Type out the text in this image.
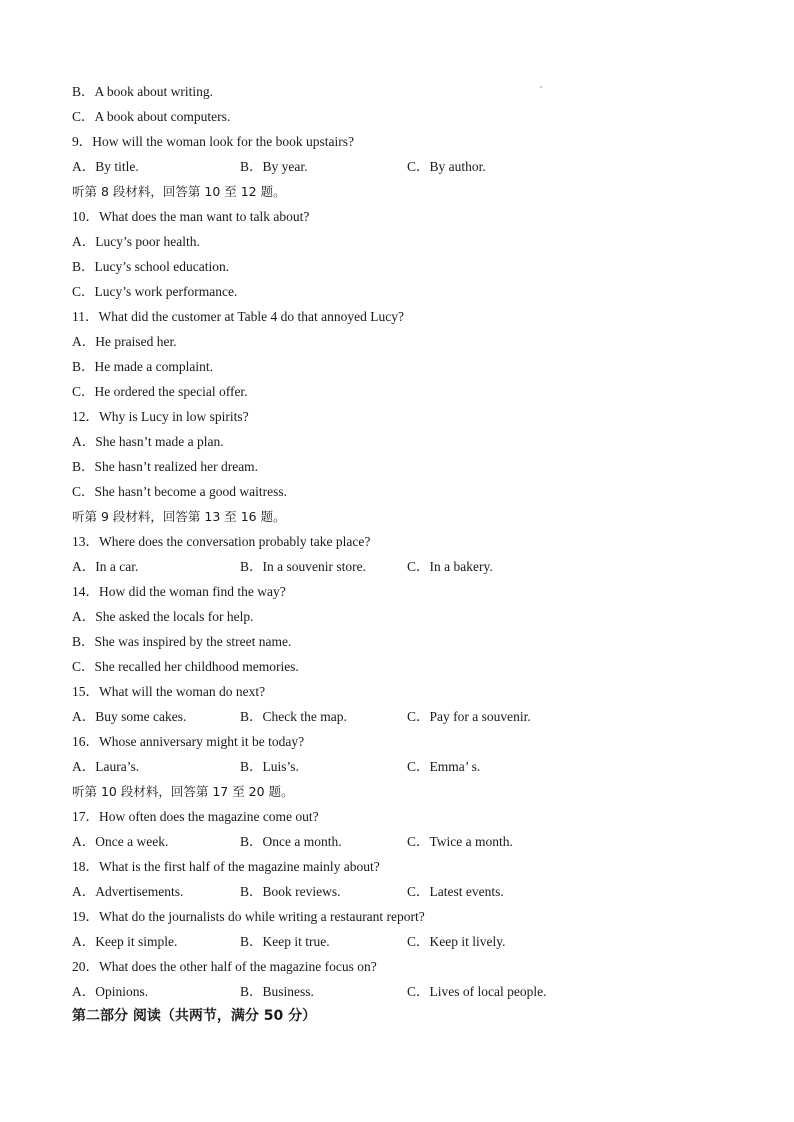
B．A book about writing.
C．A book about computers.
9．How will the woman look for the book upstairs?
A．By title.	B．By year.	C．By author.
听第 8 段材料，回答第 10 至 12 题。
10．What does the man want to talk about?
A．Lucy’s poor health.
B．Lucy’s school education.
C．Lucy’s work performance.
11．What did the customer at Table 4 do that annoyed Lucy?
A．He praised her.
B．He made a complaint.
C．He ordered the special offer.
12．Why is Lucy in low spirits?
A．She hasn’t made a plan.
B．She hasn’t realized her dream.
C．She hasn’t become a good waitress.
听第 9 段材料，回答第 13 至 16 题。
13．Where does the conversation probably take place?
A．In a car.	B．In a souvenir store.	C．In a bakery.
14．How did the woman find the way?
A．She asked the locals for help.
B．She was inspired by the street name.
C．She recalled her childhood memories.
15．What will the woman do next?
A．Buy some cakes.	B．Check the map.	C．Pay for a souvenir.
16．Whose anniversary might it be today?
A．Laura’s.	B．Luis’s.	C．Emma’ s.
听第 10 段材料，回答第 17 至 20 题。
17．How often does the magazine come out?
A．Once a week.	B．Once a month.	C．Twice a month.
18．What is the first half of the magazine mainly about?
A．Advertisements.	B．Book reviews.	C．Latest events.
19．What do the journalists do while writing a restaurant report?
A．Keep it simple.	B．Keep it true.	C．Keep it lively.
20．What does the other half of the magazine focus on?
A．Opinions.	B．Business.	C．Lives of local people.
第二部分 阅读（共两节，满分 50 分）
